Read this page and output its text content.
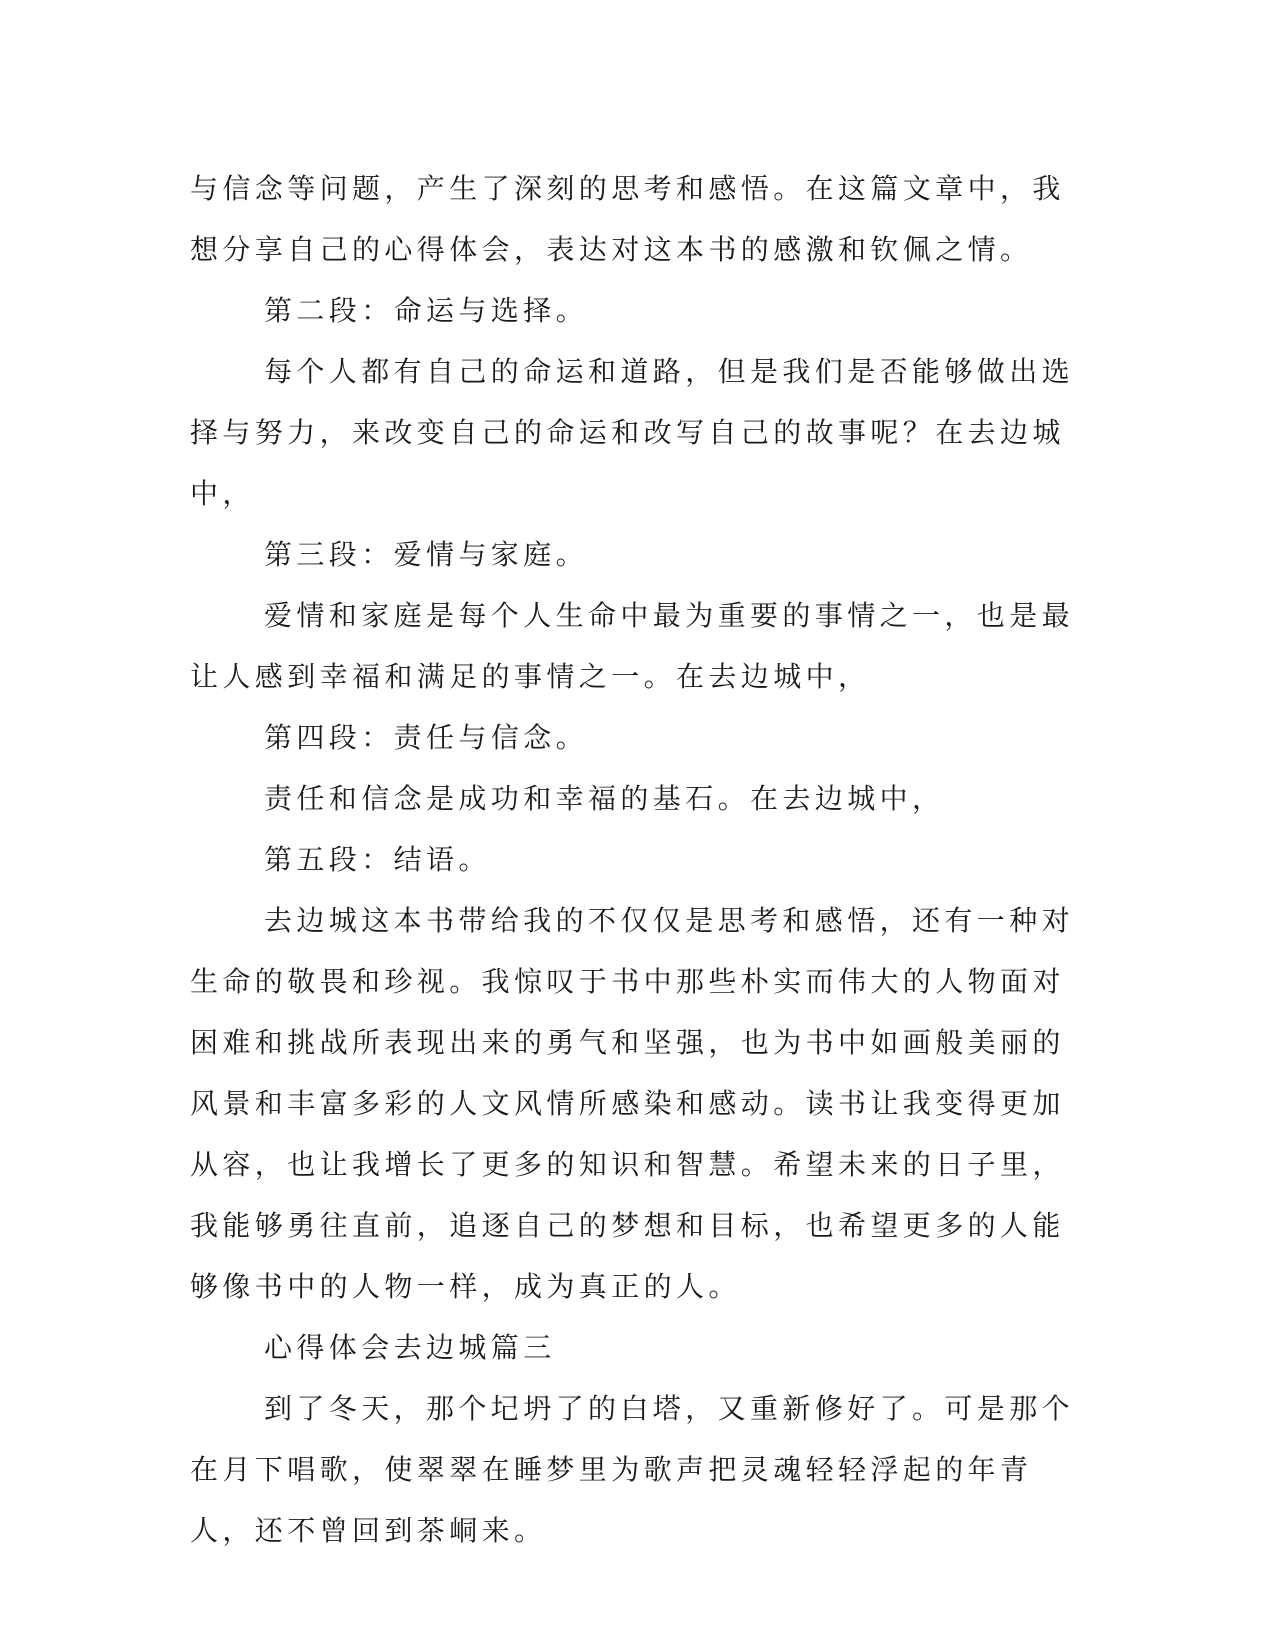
与信念等问题，产生了深刻的思考和感悟。在这篇文章中，我想分享自己的心得体会，表达对这本书的感激和钦佩之情。

第二段：命运与选择。

每个人都有自己的命运和道路，但是我们是否能够做出选择与努力，来改变自己的命运和改写自己的故事呢？在去边城中，

第三段：爱情与家庭。

爱情和家庭是每个人生命中最为重要的事情之一，也是最让人感到幸福和满足的事情之一。在去边城中，

第四段：责任与信念。

责任和信念是成功和幸福的基石。在去边城中，

第五段：结语。

去边城这本书带给我的不仅仅是思考和感悟，还有一种对生命的敬畏和珍视。我惊叹于书中那些朴实而伟大的人物面对困难和挑战所表现出来的勇气和坚强，也为书中如画般美丽的风景和丰富多彩的人文风情所感染和感动。读书让我变得更加从容，也让我增长了更多的知识和智慧。希望未来的日子里，我能够勇往直前，追逐自己的梦想和目标，也希望更多的人能够像书中的人物一样，成为真正的人。

心得体会去边城篇三

到了冬天，那个圮坍了的白塔，又重新修好了。可是那个在月下唱歌，使翠翠在睡梦里为歌声把灵魂轻轻浮起的年青人，还不曾回到茶峒来。
